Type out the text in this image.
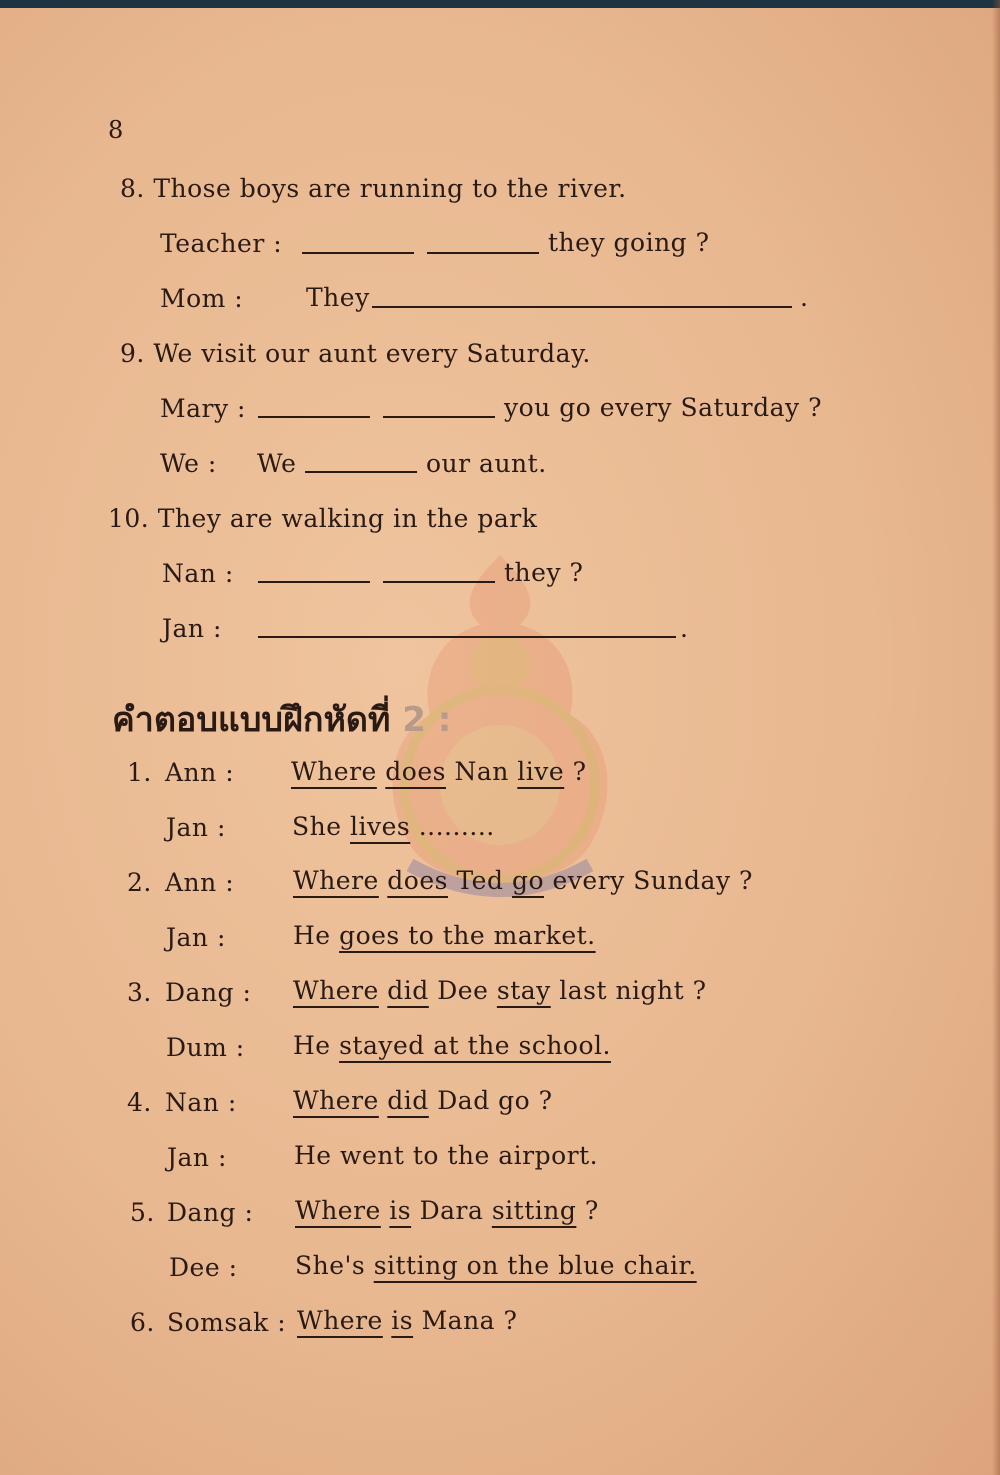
8
8. Those boys are running to the river.
Teacher :	they going ?
Mom :	They	.
9. We visit our aunt every Saturday.
Mary :	you go every Saturday ?
We : We	our aunt.
10. They are walking in the park
Nan :	they ?
Jan :	.
คำตอบแบบฝึกหัดที่ 2 :
1. Ann : Where does Nan live ?
Jan :	She lives .........
2. Ann : Where does Ted go every Sunday ?
Jan :	He goes to the market.
3. Dang : Where did Dee stay last night ?
Dum : He stayed at the school.
4. Nan : Where did Dad go ?
Jan :	He went to the airport.
5. Dang : Where is Dara sitting ?
Dee : She's sitting on the blue chair.
6. Somsak : Where is Mana ?
